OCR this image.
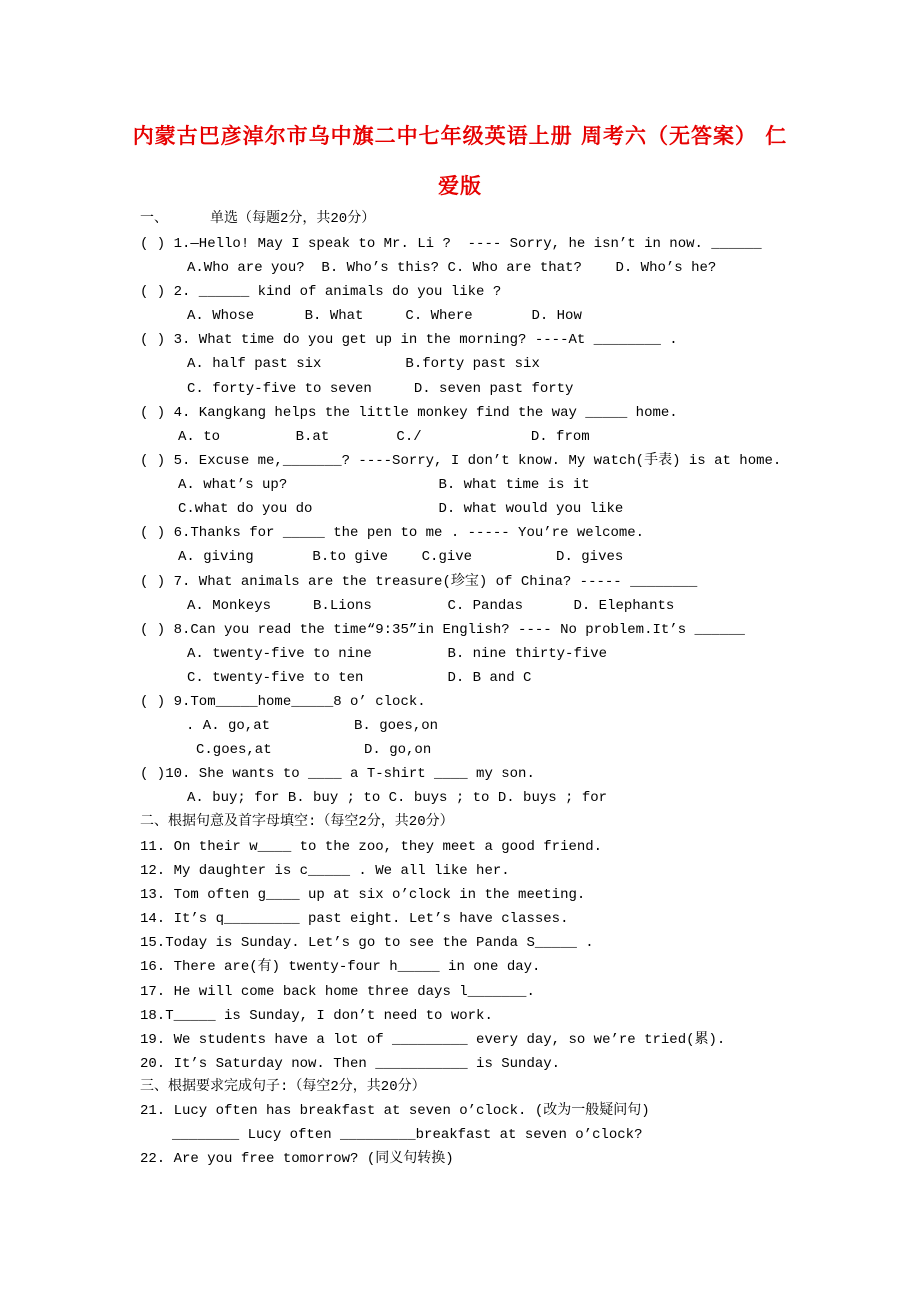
内蒙古巴彦淖尔市乌中旗二中七年级英语上册 周考六（无答案） 仁
爱版
一、     单选（每题2分，共20分）
( ) 1.—Hello! May I speak to Mr. Li ?  ---- Sorry, he isn’t in now. ______
A.Who are you?  B. Who’s this? C. Who are that?    D. Who’s he?
( ) 2. ______ kind of animals do you like ?
A. Whose      B. What     C. Where       D. How
( ) 3. What time do you get up in the morning? ----At ________ .
A. half past six          B.forty past six
C. forty-five to seven     D. seven past forty
( ) 4. Kangkang helps the little monkey find the way _____ home.
A. to         B.at        C./             D. from
( ) 5. Excuse me,_______? ----Sorry, I don’t know. My watch(手表) is at home.
A. what’s up?                  B. what time is it
C.what do you do               D. what would you like
( ) 6.Thanks for _____ the pen to me . ----- You’re welcome.
A. giving       B.to give    C.give          D. gives
( ) 7. What animals are the treasure(珍宝) of China? ----- ________
A. Monkeys     B.Lions         C. Pandas      D. Elephants
( ) 8.Can you read the time“9:35”in English? ---- No problem.It’s ______
A. twenty-five to nine         B. nine thirty-five
C. twenty-five to ten          D. B and C
( ) 9.Tom_____home_____8 o’ clock.
. A. go,at          B. goes,on
C.goes,at           D. go,on
( )10. She wants to ____ a T-shirt ____ my son.
A. buy; for B. buy ; to C. buys ; to D. buys ; for
二、根据句意及首字母填空:（每空2分，共20分）
11. On their w____ to the zoo, they meet a good friend.
12. My daughter is c_____ . We all like her.
13. Tom often g____ up at six o’clock in the meeting.
14. It’s q_________ past eight. Let’s have classes.
15.Today is Sunday. Let’s go to see the Panda S_____ .
16. There are(有) twenty-four h_____ in one day.
17. He will come back home three days l_______.
18.T_____ is Sunday, I don’t need to work.
19. We students have a lot of _________ every day, so we’re tried(累).
20. It’s Saturday now. Then ___________ is Sunday.
三、根据要求完成句子:（每空2分，共20分）
21. Lucy often has breakfast at seven o’clock. (改为一般疑问句)
________ Lucy often _________breakfast at seven o’clock?
22. Are you free tomorrow? (同义句转换)
